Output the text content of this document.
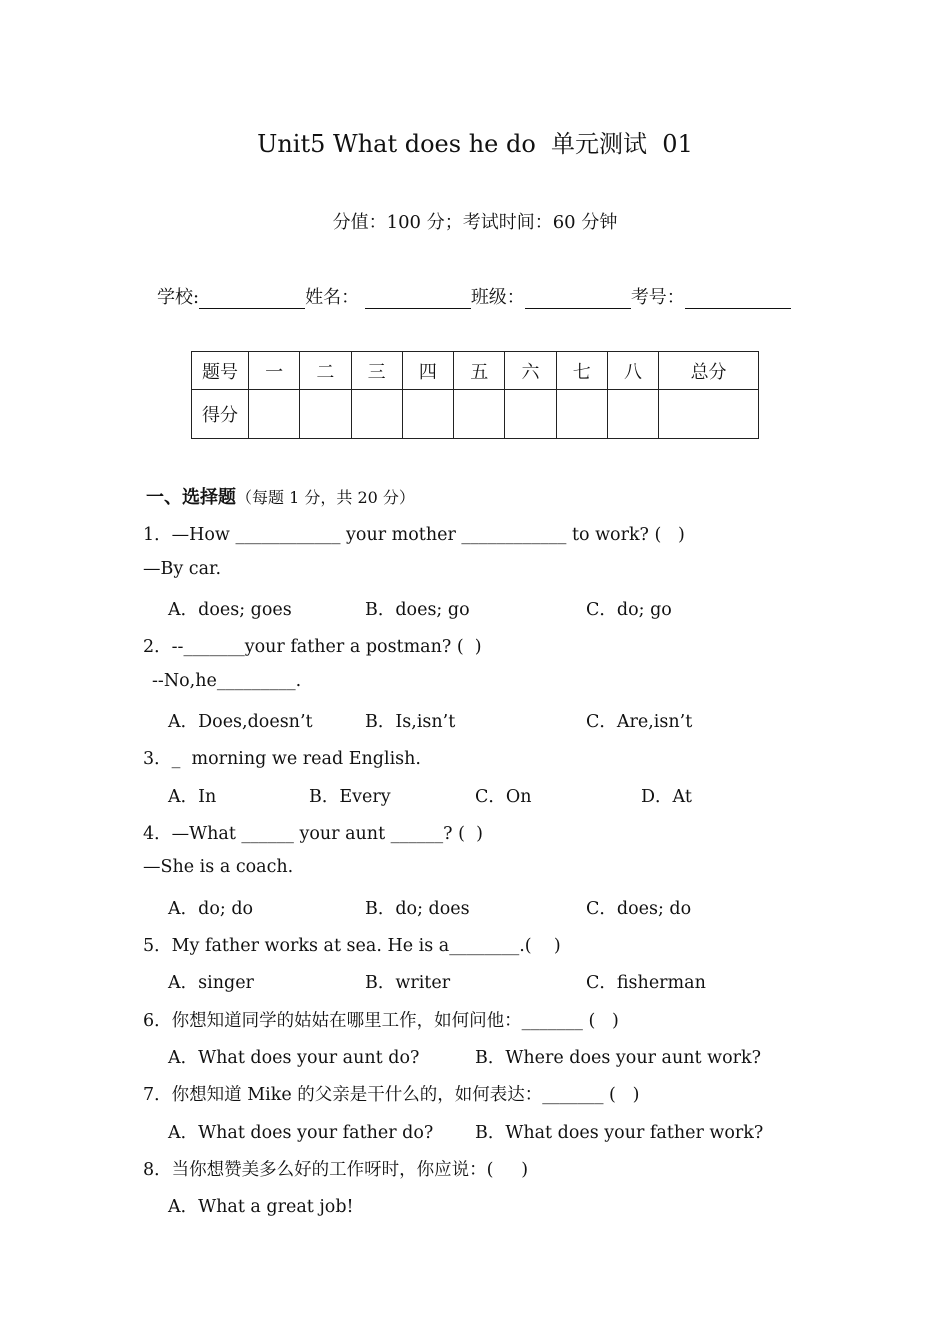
Unit5 What does he do  单元测试  01
分值：100 分；考试时间：60 分钟
学校:	姓名：	班级：	考号：
题号	一	二	三	四	五	六	七	八	总分
得分									
一、选择题（每题 1 分，共 20 分）
1．—How ____________ your mother ____________ to work? (   )
—By car.
A．does; goes	B．does; go	C．do; go
2．--_______your father a postman? (  )
--No,he_________.
A．Does,doesn’t	B．Is,isn’t	C．Are,isn’t
3．_  morning we read English.
A．In	B．Every	C．On	D．At
4．—What ______ your aunt ______? (  )
—She is a coach.
A．do; do	B．do; does	C．does; do
5．My father works at sea. He is a________.(    )
A．singer	B．writer	C．fisherman
6．你想知道同学的姑姑在哪里工作，如何问他：_______ (   )
A．What does your aunt do?	B．Where does your aunt work?
7．你想知道 Mike 的父亲是干什么的，如何表达：_______ (   )
A．What does your father do? B．What does your father work?
8．当你想赞美多么好的工作呀时，你应说：(     )
A．What a great job!
